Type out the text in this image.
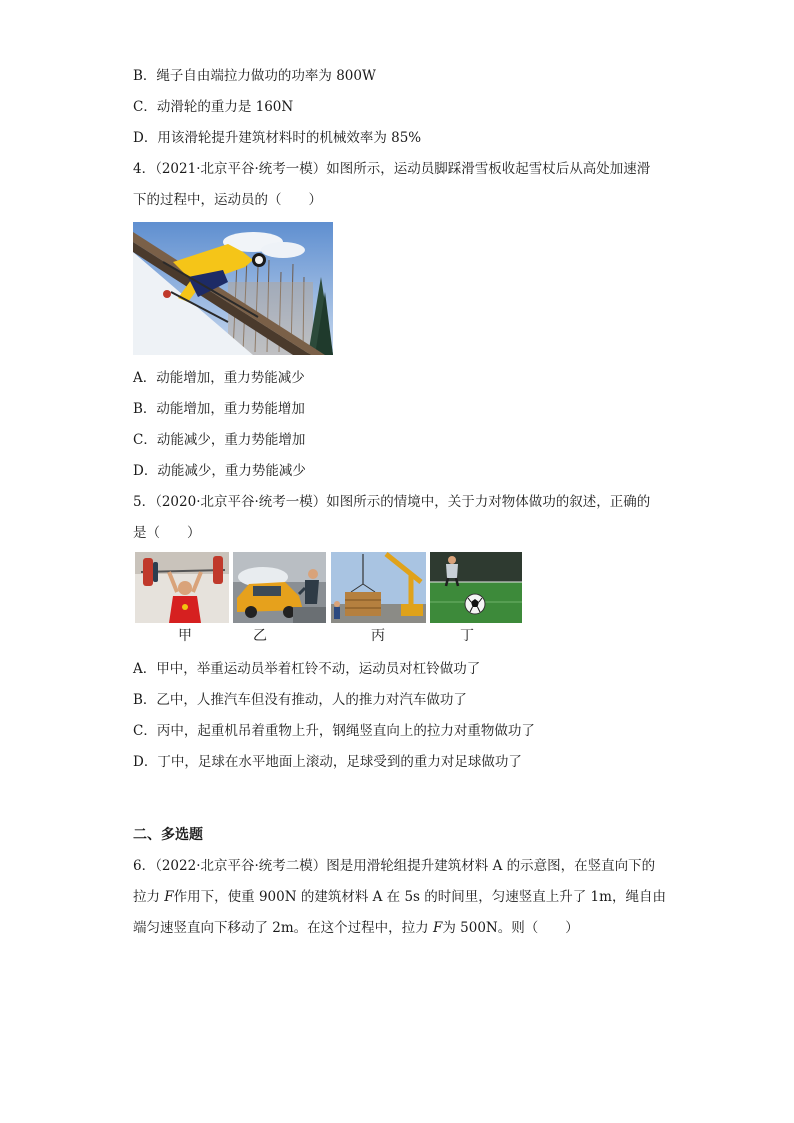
B．绳子自由端拉力做功的功率为 800W
C．动滑轮的重力是 160N
D．用该滑轮提升建筑材料时的机械效率为 85%
4．（2021·北京平谷·统考一模）如图所示，运动员脚踩滑雪板收起雪杖后从高处加速滑
下的过程中，运动员的（　　）
A．动能增加，重力势能减少
B．动能增加，重力势能增加
C．动能减少，重力势能增加
D．动能减少，重力势能减少
5．（2020·北京平谷·统考一模）如图所示的情境中，关于力对物体做功的叙述，正确的
是（　　）
甲	乙	丙	丁
A．甲中，举重运动员举着杠铃不动，运动员对杠铃做功了
B．乙中，人推汽车但没有推动，人的推力对汽车做功了
C．丙中，起重机吊着重物上升，钢绳竖直向上的拉力对重物做功了
D．丁中，足球在水平地面上滚动，足球受到的重力对足球做功了
二、多选题
6．（2022·北京平谷·统考二模）图是用滑轮组提升建筑材料 A 的示意图，在竖直向下的
拉力 F作用下，使重 900N 的建筑材料 A 在 5s 的时间里，匀速竖直上升了 1m，绳自由
端匀速竖直向下移动了 2m。在这个过程中，拉力 F为 500N。则（　　）
